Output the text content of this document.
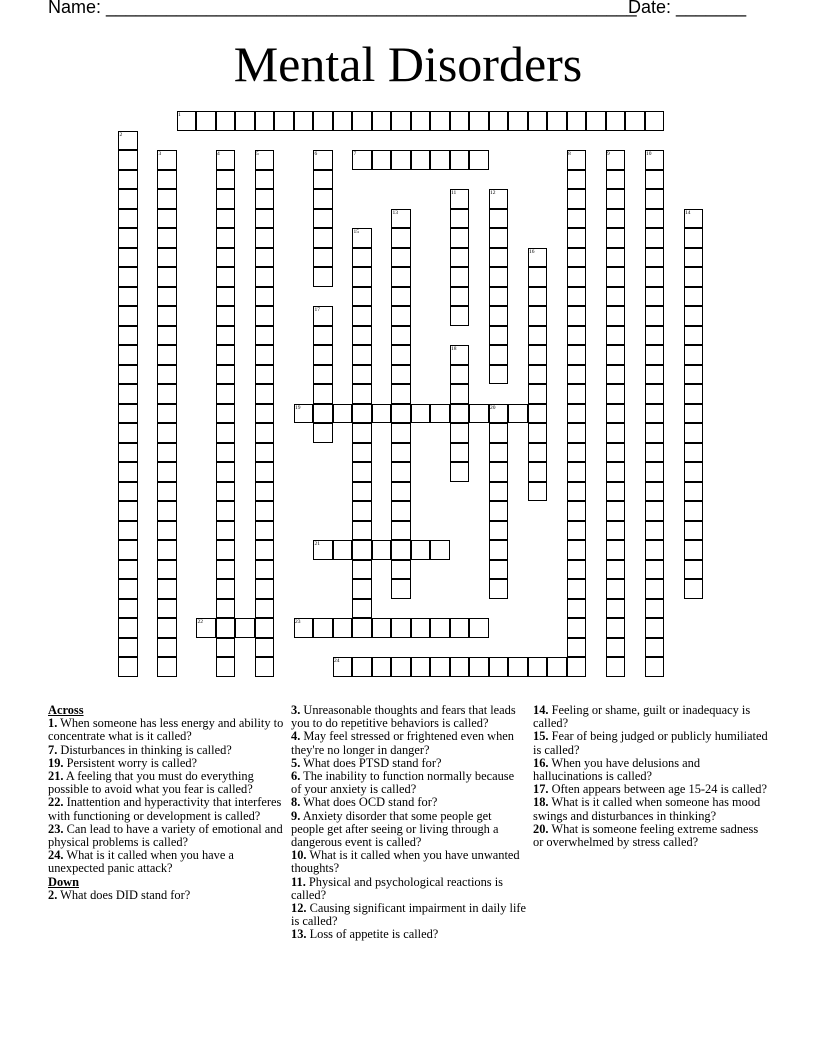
Name: _____________________________________________________
Date: _______
Mental Disorders
1
2
3	4	5	6	7	8	9	10
11	12
13	14
15
16
17
18
19	20
21
22	23
24
Across
1. When someone has less energy and ability to concentrate what is it called?
7. Disturbances in thinking is called?
19. Persistent worry is called?
21. A feeling that you must do everything possible to avoid what you fear is called?
22. Inattention and hyperactivity that interferes with functioning or development is called?
23. Can lead to have a variety of emotional and physical problems is called?
24. What is it called when you have a unexpected panic attack?
Down
2. What does DID stand for?
3. Unreasonable thoughts and fears that leads you to do repetitive behaviors is called?
4. May feel stressed or frightened even when they're no longer in danger?
5. What does PTSD stand for?
6. The inability to function normally because of your anxiety is called?
8. What does OCD stand for?
9. Anxiety disorder that some people get people get after seeing or living through a dangerous event is called?
10. What is it called when you have unwanted thoughts?
11. Physical and psychological reactions is called?
12. Causing significant impairment in daily life is called?
13. Loss of appetite is called?
14. Feeling or shame, guilt or inadequacy is called?
15. Fear of being judged or publicly humiliated is called?
16. When you have delusions and hallucinations is called?
17. Often appears between age 15-24 is called?
18. What is it called when someone has mood swings and disturbances in thinking?
20. What is someone feeling extreme sadness or overwhelmed by stress called?
